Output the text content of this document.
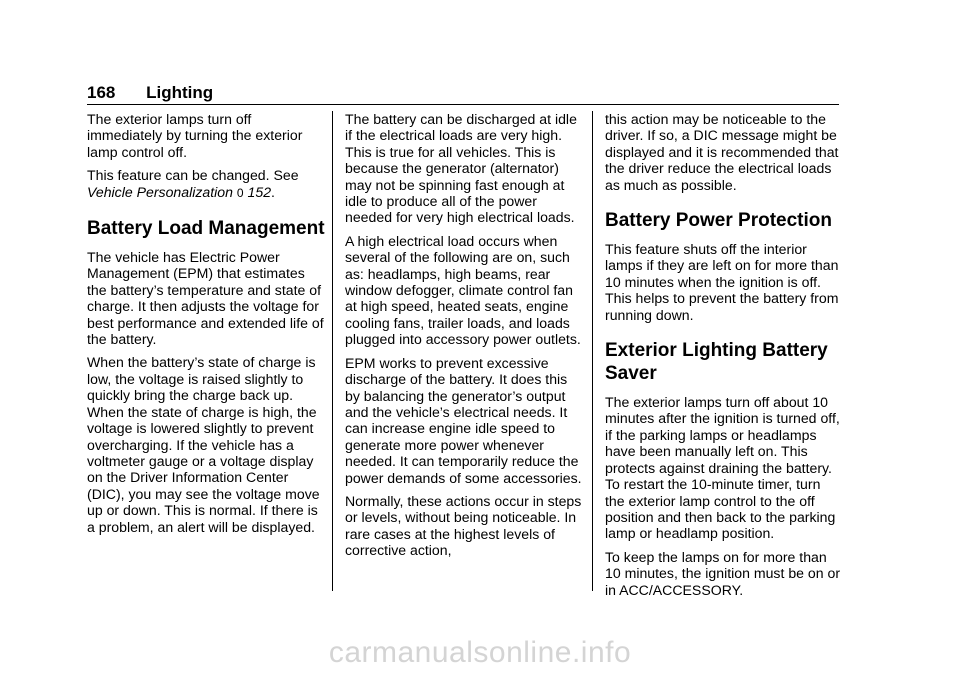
168 Lighting

The exterior lamps turn off immediately by turning the exterior lamp control off.

This feature can be changed. See Vehicle Personalization 0 152.

Battery Load Management

The vehicle has Electric Power Management (EPM) that estimates the battery’s temperature and state of charge. It then adjusts the voltage for best performance and extended life of the battery.

When the battery’s state of charge is low, the voltage is raised slightly to quickly bring the charge back up. When the state of charge is high, the voltage is lowered slightly to prevent overcharging. If the vehicle has a voltmeter gauge or a voltage display on the Driver Information Center (DIC), you may see the voltage move up or down. This is normal. If there is a problem, an alert will be displayed.

The battery can be discharged at idle if the electrical loads are very high. This is true for all vehicles. This is because the generator (alternator) may not be spinning fast enough at idle to produce all of the power needed for very high electrical loads.

A high electrical load occurs when several of the following are on, such as: headlamps, high beams, rear window defogger, climate control fan at high speed, heated seats, engine cooling fans, trailer loads, and loads plugged into accessory power outlets.

EPM works to prevent excessive discharge of the battery. It does this by balancing the generator’s output and the vehicle’s electrical needs. It can increase engine idle speed to generate more power whenever needed. It can temporarily reduce the power demands of some accessories.

Normally, these actions occur in steps or levels, without being noticeable. In rare cases at the highest levels of corrective action,

this action may be noticeable to the driver. If so, a DIC message might be displayed and it is recommended that the driver reduce the electrical loads as much as possible.

Battery Power Protection

This feature shuts off the interior lamps if they are left on for more than 10 minutes when the ignition is off. This helps to prevent the battery from running down.

Exterior Lighting Battery Saver

The exterior lamps turn off about 10 minutes after the ignition is turned off, if the parking lamps or headlamps have been manually left on. This protects against draining the battery. To restart the 10-minute timer, turn the exterior lamp control to the off position and then back to the parking lamp or headlamp position.

To keep the lamps on for more than 10 minutes, the ignition must be on or in ACC/ACCESSORY.

carmanualsonline.info
